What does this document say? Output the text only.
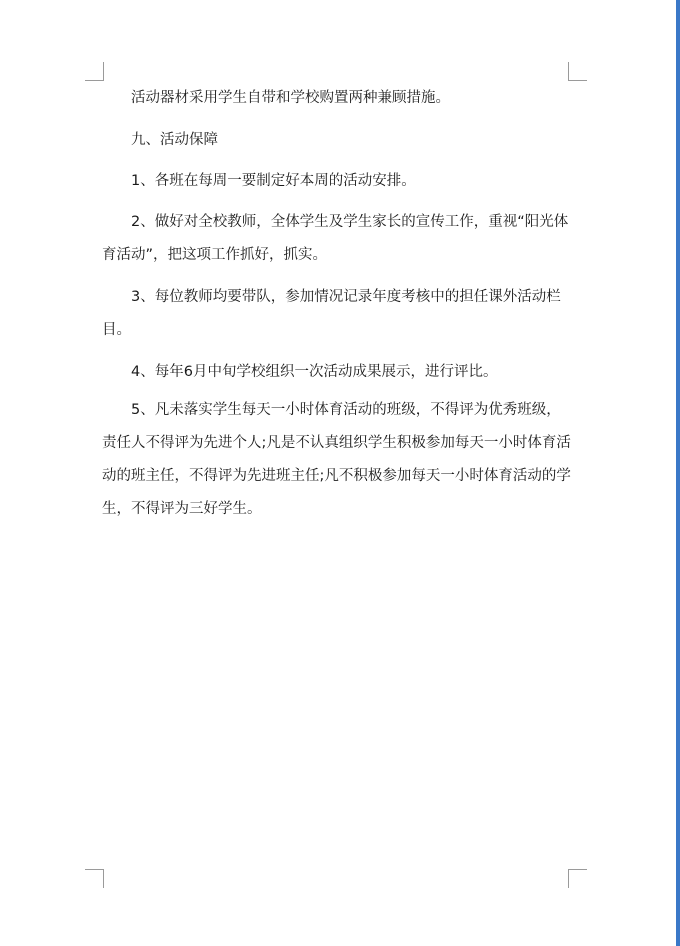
活动器材采用学生自带和学校购置两种兼顾措施。

九、活动保障

1、各班在每周一要制定好本周的活动安排。

2、做好对全校教师，全体学生及学生家长的宣传工作，重视“阳光体育活动”，把这项工作抓好，抓实。

3、每位教师均要带队，参加情况记录年度考核中的担任课外活动栏目。

4、每年6月中旬学校组织一次活动成果展示，进行评比。

5、凡未落实学生每天一小时体育活动的班级，不得评为优秀班级，责任人不得评为先进个人;凡是不认真组织学生积极参加每天一小时体育活动的班主任，不得评为先进班主任;凡不积极参加每天一小时体育活动的学生，不得评为三好学生。
